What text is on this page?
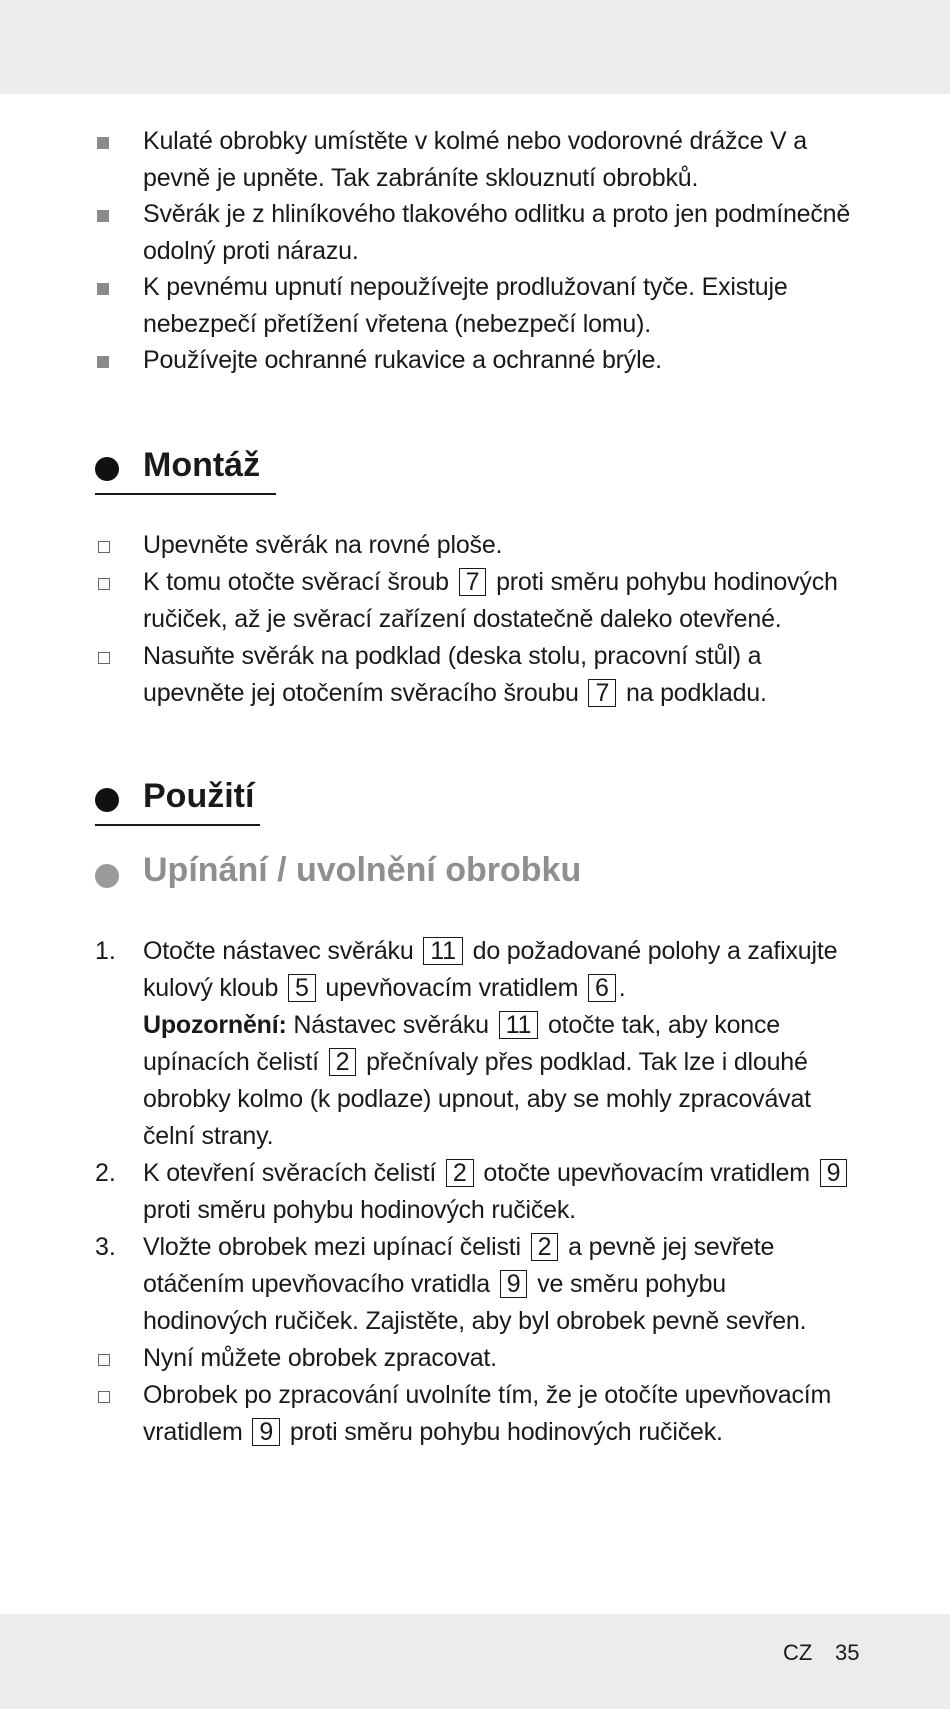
Kulaté obrobky umístěte v kolmé nebo vodorovné drážce V a
pevně je upněte. Tak zabráníte sklouznutí obrobků.
Svěrák je z hliníkového tlakového odlitku a proto jen podmínečně
odolný proti nárazu.
K pevnému upnutí nepoužívejte prodlužovaní tyče. Existuje
nebezpečí přetížení vřetena (nebezpečí lomu).
Používejte ochranné rukavice a ochranné brýle.
Montáž
Upevněte svěrák na rovné ploše.
K tomu otočte svěrací šroub 7 proti směru pohybu hodinových
ručiček, až je svěrací zařízení dostatečně daleko otevřené.
Nasuňte svěrák na podklad (deska stolu, pracovní stůl) a
upevněte jej otočením svěracího šroubu 7 na podkladu.
Použití
Upínání / uvolnění obrobku
1. Otočte nástavec svěráku 11 do požadované polohy a zafixujte
kulový kloub 5 upevňovacím vratidlem 6 .
Upozornění: Nástavec svěráku 11 otočte tak, aby konce
upínacích čelistí 2 přečnívaly přes podklad. Tak lze i dlouhé
obrobky kolmo (k podlaze) upnout, aby se mohly zpracovávat
čelní strany.
2. K otevření svěracích čelistí 2 otočte upevňovacím vratidlem 9
proti směru pohybu hodinových ručiček.
3. Vložte obrobek mezi upínací čelisti 2 a pevně jej sevřete
otáčením upevňovacího vratidla 9 ve směru pohybu
hodinových ručiček. Zajistěte, aby byl obrobek pevně sevřen.
Nyní můžete obrobek zpracovat.
Obrobek po zpracování uvolníte tím, že je otočíte upevňovacím
vratidlem 9 proti směru pohybu hodinových ručiček.
CZ 35
